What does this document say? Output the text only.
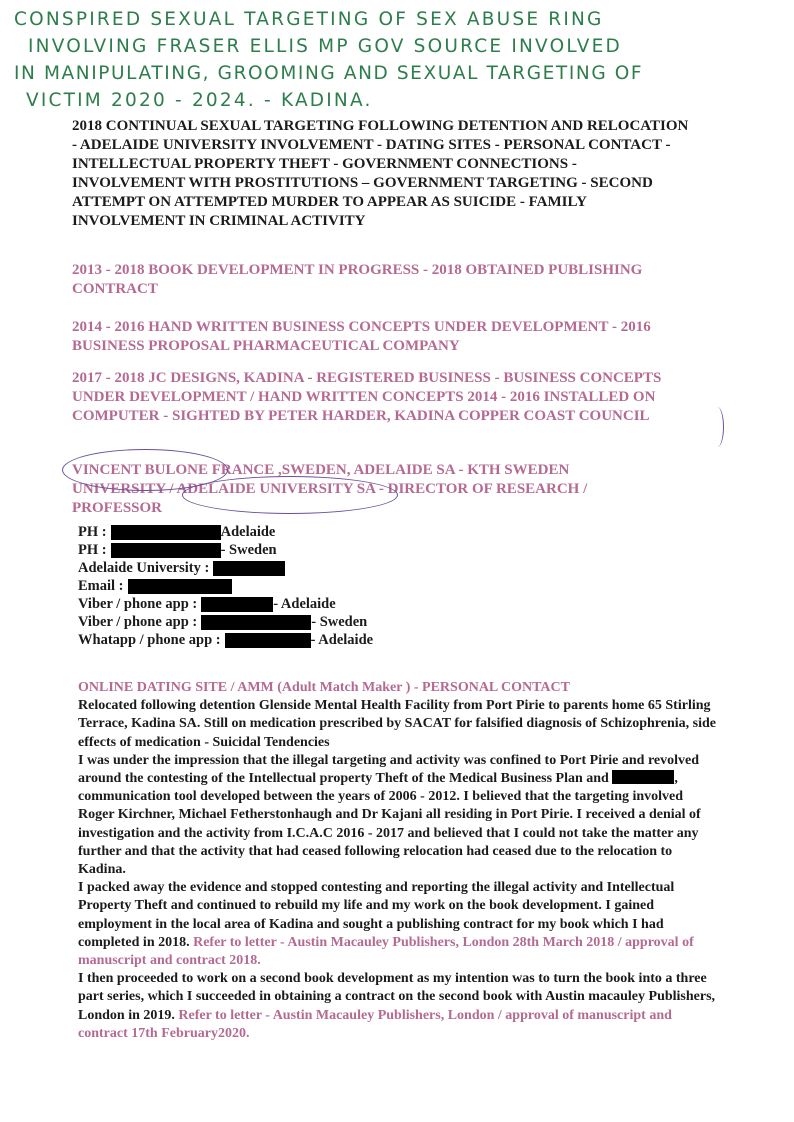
CONSPIRED SEXUAL TARGETING OF SEX ABUSE RING
INVOLVING FRASER ELLIS MP GOV SOURCE INVOLVED
IN MANIPULATING, GROOMING AND SEXUAL TARGETING OF
VICTIM 2020 - 2024. - KADINA.
2018 CONTINUAL SEXUAL TARGETING FOLLOWING DETENTION AND RELOCATION - ADELAIDE UNIVERSITY INVOLVEMENT - DATING SITES - PERSONAL CONTACT - INTELLECTUAL PROPERTY THEFT - GOVERNMENT CONNECTIONS - INVOLVEMENT WITH PROSTITUTIONS – GOVERNMENT TARGETING - SECOND ATTEMPT ON ATTEMPTED MURDER TO APPEAR AS SUICIDE - FAMILY INVOLVEMENT IN CRIMINAL ACTIVITY
2013 - 2018 BOOK DEVELOPMENT IN PROGRESS - 2018 OBTAINED PUBLISHING CONTRACT
2014 - 2016 HAND WRITTEN BUSINESS CONCEPTS UNDER DEVELOPMENT - 2016 BUSINESS PROPOSAL PHARMACEUTICAL COMPANY
2017 - 2018 JC DESIGNS, KADINA - REGISTERED BUSINESS - BUSINESS CONCEPTS UNDER DEVELOPMENT / HAND WRITTEN CONCEPTS 2014 - 2016 INSTALLED ON COMPUTER - SIGHTED BY PETER HARDER, KADINA COPPER COAST COUNCIL
VINCENT BULONE FRANCE ,SWEDEN, ADELAIDE SA - KTH SWEDEN UNIVERSITY / ADELAIDE UNIVERSITY SA - DIRECTOR OF RESEARCH / PROFESSOR
PH :	Adelaide
PH :	- Sweden
Adelaide University :
Email :
Viber / phone app :	- Adelaide
Viber / phone app :	- Sweden
Whatapp / phone app :	- Adelaide
ONLINE DATING SITE / AMM (Adult Match Maker ) - PERSONAL CONTACT
Relocated following detention Glenside Mental Health Facility from Port Pirie to parents home 65 Stirling Terrace, Kadina SA. Still on medication prescribed by SACAT for falsified diagnosis of Schizophrenia, side effects of medication - Suicidal Tendencies
I was under the impression that the illegal targeting and activity was confined to Port Pirie and revolved around the contesting of the Intellectual property Theft of the Medical Business Plan and	, communication tool developed between the years of 2006 - 2012. I believed that the targeting involved Roger Kirchner, Michael Fetherstonhaugh and Dr Kajani all residing in Port Pirie. I received a denial of investigation and the activity from I.C.A.C 2016 - 2017 and believed that I could not take the matter any further and that the activity that had ceased following relocation had ceased due to the relocation to Kadina.
I packed away the evidence and stopped contesting and reporting the illegal activity and Intellectual Property Theft and continued to rebuild my life and my work on the book development. I gained employment in the local area of Kadina and sought a publishing contract for my book which I had completed in 2018. Refer to letter - Austin Macauley Publishers, London 28th March 2018 / approval of manuscript and contract 2018.
I then proceeded to work on a second book development as my intention was to turn the book into a three part series, which I succeeded in obtaining a contract on the second book with Austin macauley Publishers, London in 2019. Refer to letter - Austin Macauley Publishers, London / approval of manuscript and contract 17th February2020.
